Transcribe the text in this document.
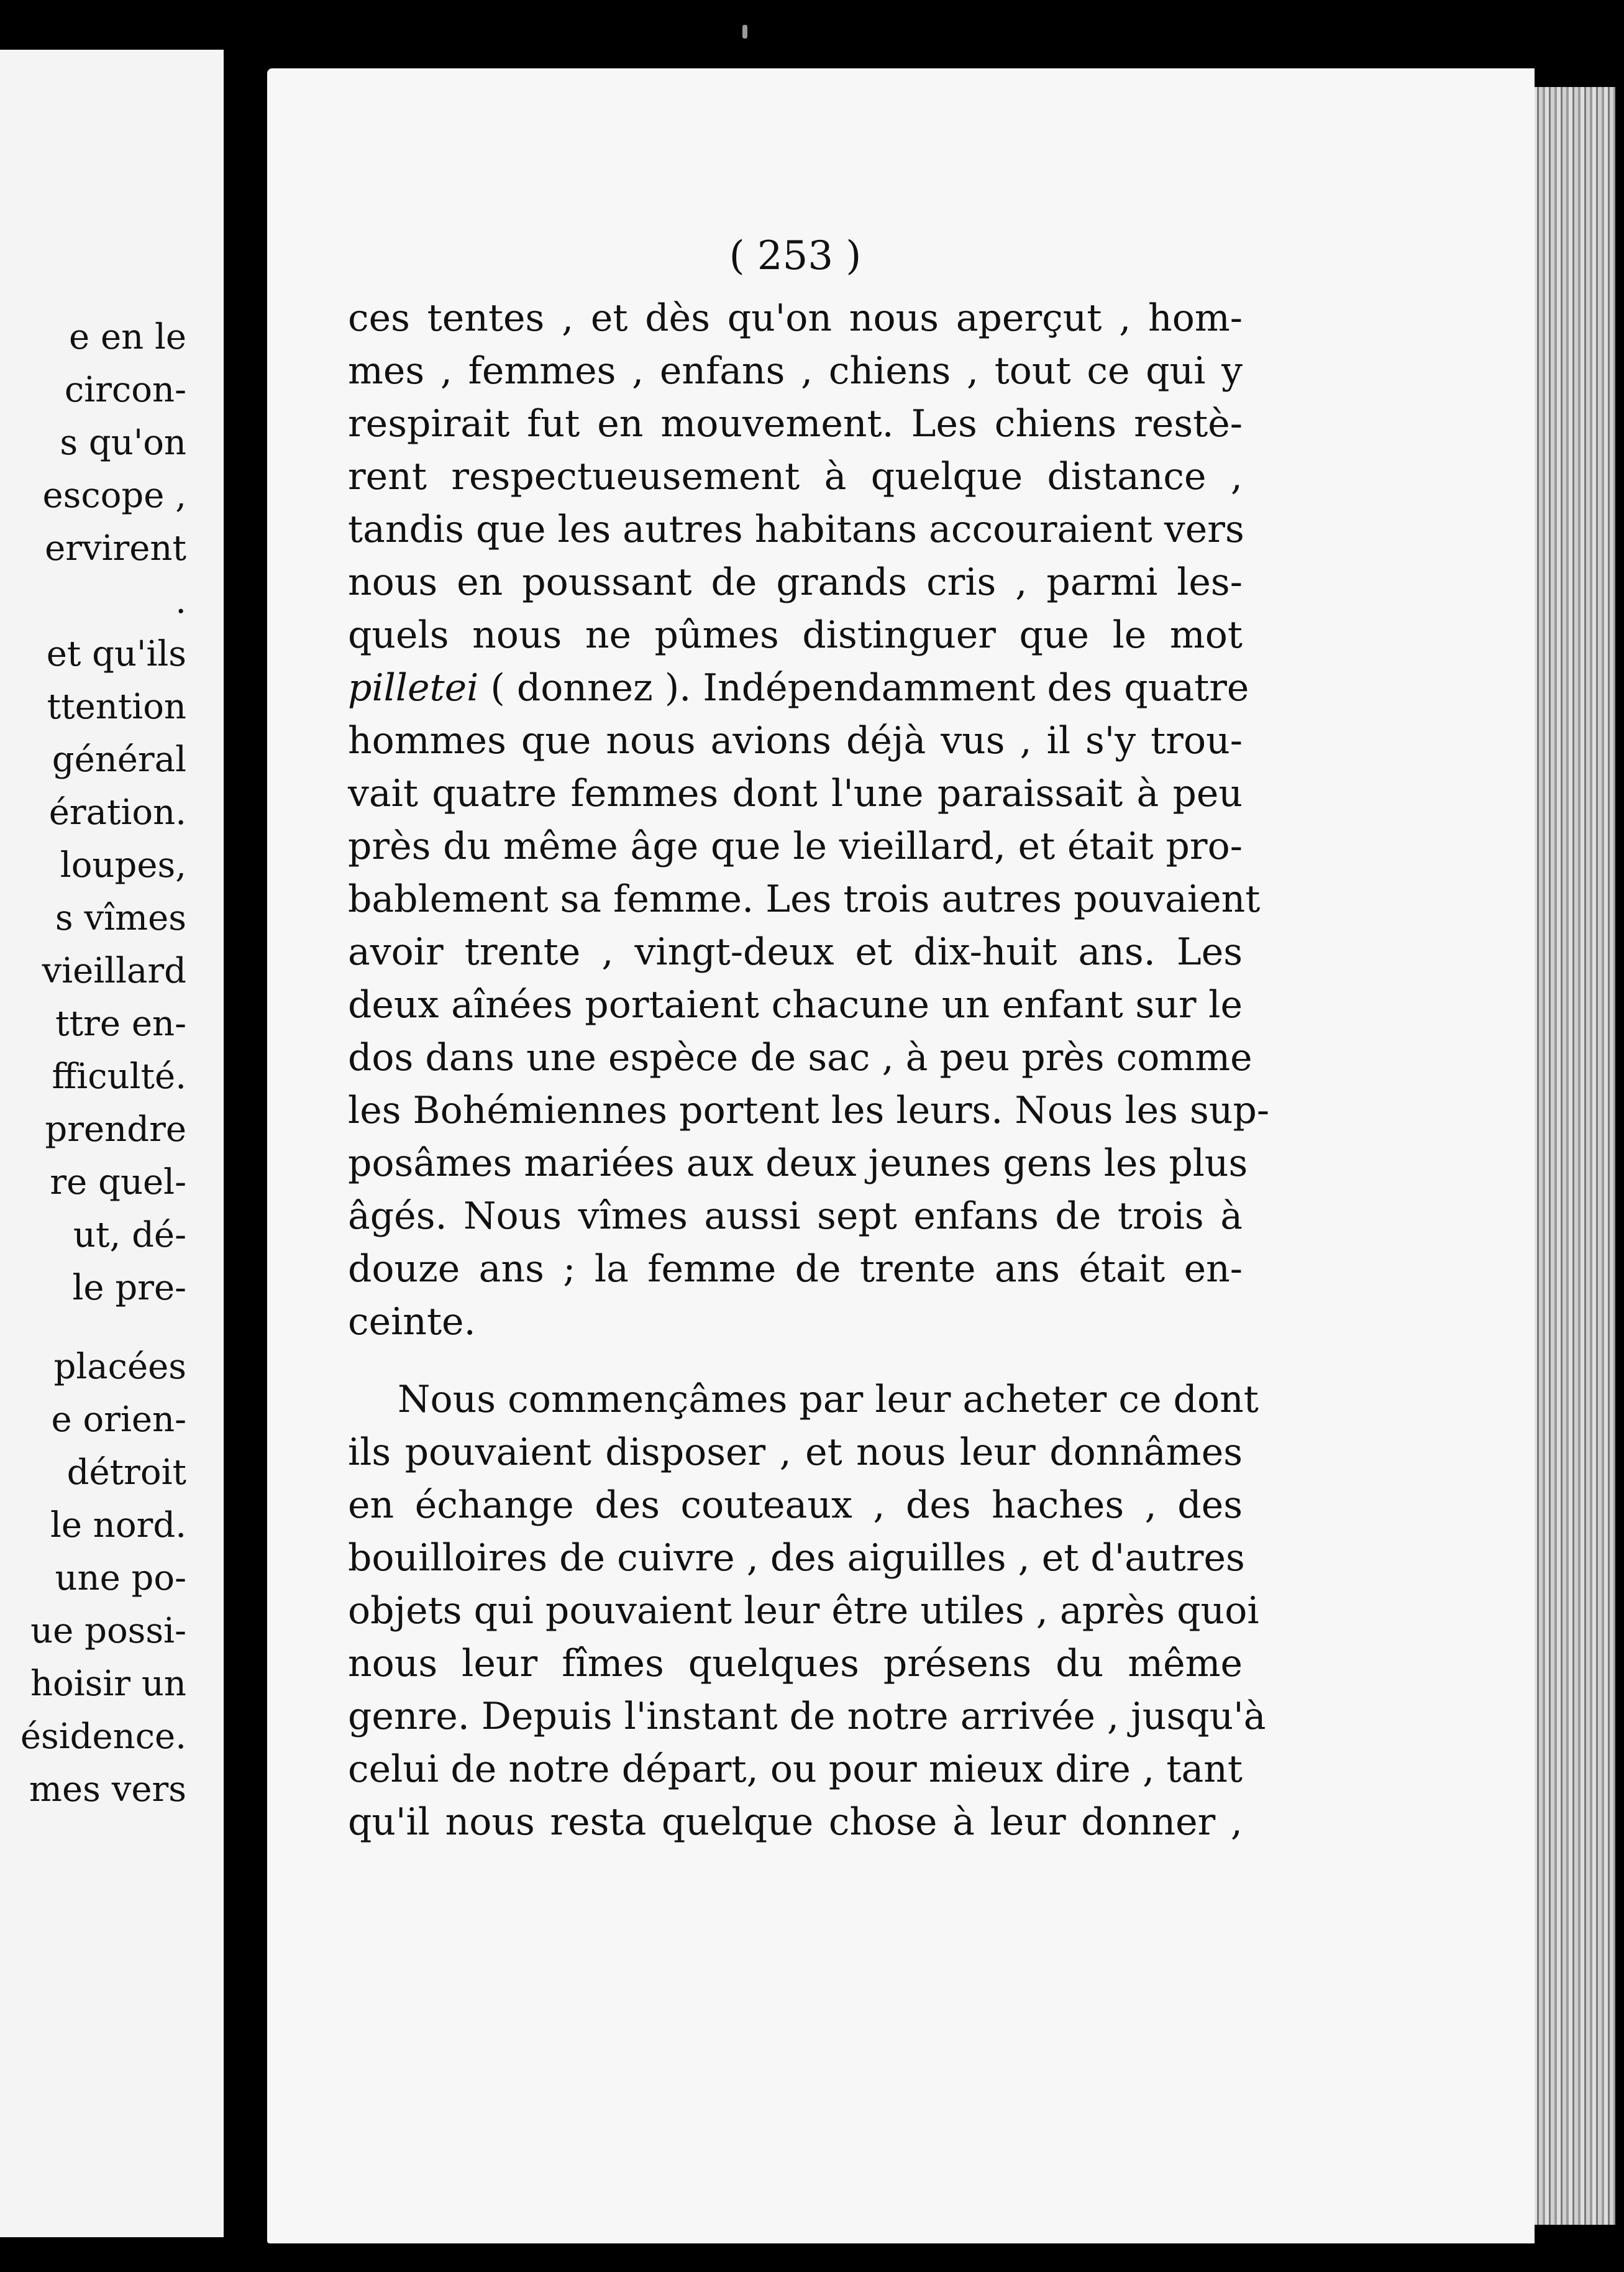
e en le
circon-
s qu'on
escope ,
ervirent
.
et qu'ils
ttention
général
ération.
loupes,
s vîmes
vieillard
ttre en-
fficulté.
prendre
re quel-
ut, dé-
le pre-
placées
e orien-
détroit
le nord.
une po-
ue possi-
hoisir un
ésidence.
mes vers
( 253 )
ces tentes , et dès qu'on nous aperçut , hom-
mes , femmes , enfans , chiens , tout ce qui y
respirait fut en mouvement. Les chiens restè-
rent respectueusement à quelque distance ,
tandis que les autres habitans accouraient vers
nous en poussant de grands cris , parmi les-
quels nous ne pûmes distinguer que le mot
pilletei ( donnez ). Indépendamment des quatre
hommes que nous avions déjà vus , il s'y trou-
vait quatre femmes dont l'une paraissait à peu
près du même âge que le vieillard, et était pro-
bablement sa femme. Les trois autres pouvaient
avoir trente , vingt-deux et dix-huit ans. Les
deux aînées portaient chacune un enfant sur le
dos dans une espèce de sac , à peu près comme
les Bohémiennes portent les leurs. Nous les sup-
posâmes mariées aux deux jeunes gens les plus
âgés. Nous vîmes aussi sept enfans de trois à
douze ans ; la femme de trente ans était en-
ceinte.
Nous commençâmes par leur acheter ce dont
ils pouvaient disposer , et nous leur donnâmes
en échange des couteaux , des haches , des
bouilloires de cuivre , des aiguilles , et d'autres
objets qui pouvaient leur être utiles , après quoi
nous leur fîmes quelques présens du même
genre. Depuis l'instant de notre arrivée , jusqu'à
celui de notre départ, ou pour mieux dire , tant
qu'il nous resta quelque chose à leur donner ,
